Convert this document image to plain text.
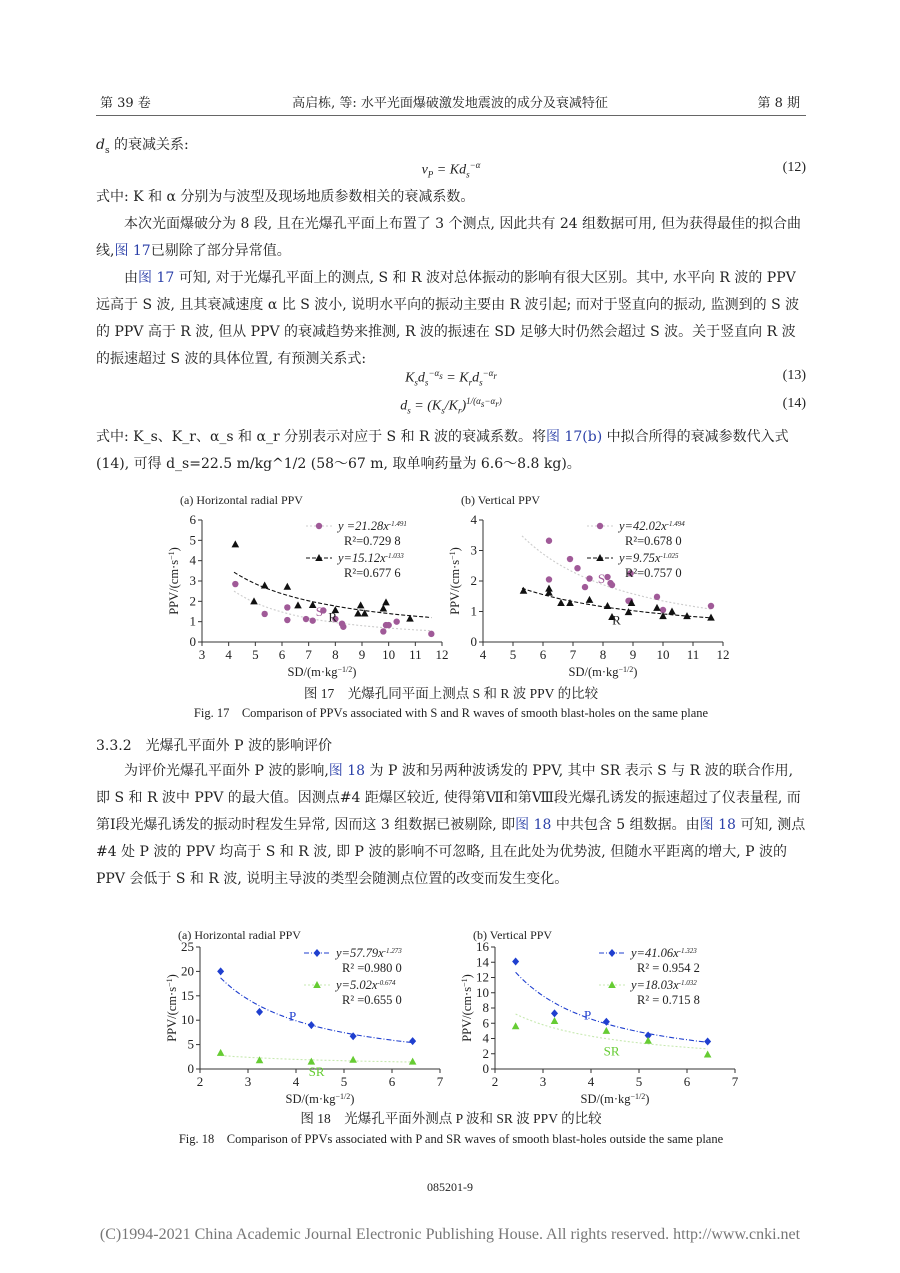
第 39 卷	高启栋, 等: 水平光面爆破激发地震波的成分及衰减特征	第 8 期
$d_s$ 的衰减关系:
$v_P = Kd_s^{-\alpha}$	(12)
式中: K 和 α 分别为与波型及现场地质参数相关的衰减系数。
本次光面爆破分为 8 段, 且在光爆孔平面上布置了 3 个测点, 因此共有 24 组数据可用, 但为获得最佳的拟合曲线,图 17已剔除了部分异常值。
由图 17 可知, 对于光爆孔平面上的测点, S 和 R 波对总体振动的影响有很大区别。其中, 水平向 R 波的 PPV 远高于 S 波, 且其衰减速度 α 比 S 波小, 说明水平向的振动主要由 R 波引起; 而对于竖直向的振动, 监测到的 S 波的 PPV 高于 R 波, 但从 PPV 的衰减趋势来推测, R 波的振速在 SD 足够大时仍然会超过 S 波。关于竖直向 R 波的振速超过 S 波的具体位置, 有预测关系式:
$K_sd_s^{-\alpha_s} = K_rd_s^{-\alpha_r}$	(13)
$d_s = (K_s/K_r)^{1/(\alpha_s-\alpha_r)}$	(14)
式中: K_s、K_r、α_s 和 α_r 分别表示对应于 S 和 R 波的衰减系数。将图 17(b) 中拟合所得的衰减参数代入式 (14), 可得 d_s=22.5 m/kg^1/2 (58～67 m, 取单响药量为 6.6～8.8 kg)。
(a) Horizontal radial PPV
3 4 5 6 7 8 9 10 11 12
0
1
2
3
4
5
6
$SD/(m\cdot kg^{-1/2})$
PPV/$(cm\cdot s^{-1})$
S
$y =21.28x^{-1.491}$
R²=0.729 8
R
$y=15.12x^{-1.033}$
R²=0.677 6
(b) Vertical PPV
4 5 6 7 8 9 10 11 12
0
1
2
3
4
$SD/(m\cdot kg^{-1/2})$
PPV/$(cm\cdot s^{-1})$
S
$y=42.02x^{-1.494}$
R²=0.678 0
R
$y=9.75x^{-1.025}$
R²=0.757 0
图 17　光爆孔同平面上测点 S 和 R 波 PPV 的比较
Fig. 17　Comparison of PPVs associated with S and R waves of smooth blast-holes on the same plane
3.3.2　光爆孔平面外 P 波的影响评价
为评价光爆孔平面外 P 波的影响,图 18 为 P 波和另两种波诱发的 PPV, 其中 SR 表示 S 与 R 波的联合作用, 即 S 和 R 波中 PPV 的最大值。因测点#4 距爆区较近, 使得第Ⅶ和第Ⅷ段光爆孔诱发的振速超过了仪表量程, 而第Ⅰ段光爆孔诱发的振动时程发生异常, 因而这 3 组数据已被剔除, 即图 18 中共包含 5 组数据。由图 18 可知, 测点#4 处 P 波的 PPV 均高于 S 和 R 波, 即 P 波的影响不可忽略, 且在此处为优势波, 但随水平距离的增大, P 波的 PPV 会低于 S 和 R 波, 说明主导波的类型会随测点位置的改变而发生变化。
(a) Horizontal radial PPV
2	3	4	5	6	7
0
5
10
15
20
25
$SD/(m\cdot kg^{-1/2})$
PPV/$(cm\cdot s^{-1})$
P
$y=57.79x^{-1.273}$
R² =0.980 0
SR
$y=5.02x^{-0.674}$
R² =0.655 0
(b) Vertical PPV
2	3	4	5	6	7
0
2
4
6
8
10
12
14
16
$SD/(m\cdot kg^{-1/2})$
PPV/$(cm\cdot s^{-1})$
P
$y=41.06x^{-1.323}$
R² = 0.954 2
SR
$y=18.03x^{-1.032}$
R² = 0.715 8
图 18　光爆孔平面外测点 P 波和 SR 波 PPV 的比较
Fig. 18　Comparison of PPVs associated with P and SR waves of smooth blast-holes outside the same plane
085201-9
(C)1994-2021 China Academic Journal Electronic Publishing House. All rights reserved. http://www.cnki.net
